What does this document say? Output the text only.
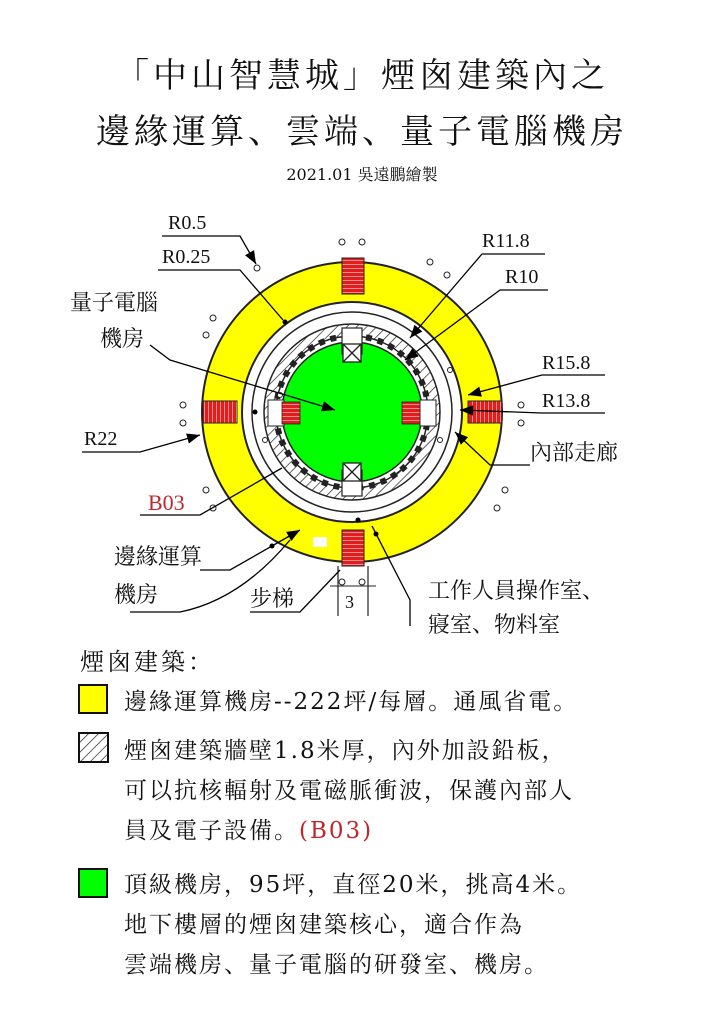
「中山智慧城」煙囪建築內之
邊緣運算、雲端、量子電腦機房
2021.01 吳遠鵬繪製
R0.5
R0.25
R11.8
R10
R15.8
R13.8
R22
量子電腦
機房
內部走廊
B03
邊緣運算
機房	步梯	3	工作人員操作室、
寢室、物料室
煙囪建築：
邊緣運算機房--222坪/每層。通風省電。
煙囪建築牆壁1.8米厚，內外加設鉛板，
可以抗核輻射及電磁脈衝波，保護內部人
員及電子設備。(B03)
頂級機房，95坪，直徑20米，挑高4米。
地下樓層的煙囪建築核心，適合作為
雲端機房、量子電腦的研發室、機房。
